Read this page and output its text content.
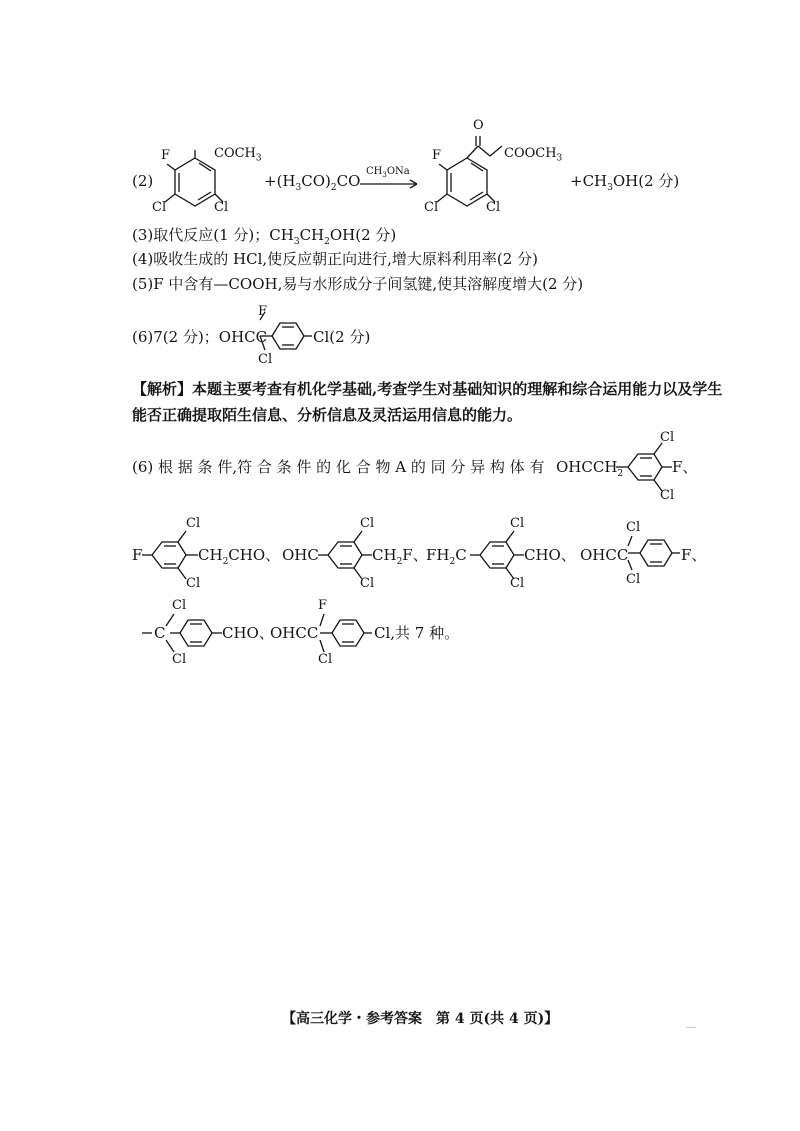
(2)
F	$COCH_3$
Cl	Cl
$+(H_3CO)_2CO$
$CH_3ONa$
O
$COOCH_3$
F
Cl	Cl
$+CH_3OH(2$ 分)
(3)取代反应(1 分)；$CH_3CH_2OH(2$ 分)
(4)吸收生成的 HCl,使反应朝正向进行,增大原料利用率(2 分)
(5)F 中含有—COOH,易与水形成分子间氢键,使其溶解度增大(2 分)
(6)7(2 分)；OHCC
F
Cl
Cl(2 分)
【解析】本题主要考查有机化学基础,考查学生对基础知识的理解和综合运用能力以及学生
能否正确提取陌生信息、分析信息及灵活运用信息的能力。
(6) 根 据 条 件,符 合 条 件 的 化 合 物 A 的 同 分 异 构 体 有 $OHCCH_2$
Cl
F、
Cl
F
Cl
$CH_2CHO$、
Cl
OHC
Cl
$CH_2F$、
Cl
$FH_2C$
Cl
CHO、
Cl
OHCC
Cl
Cl
F、
C
Cl
Cl
CHO、
OHCC
F
Cl
Cl,共 7 种。
【高三化学・参考答案　第 4 页(共 4 页)】
—
